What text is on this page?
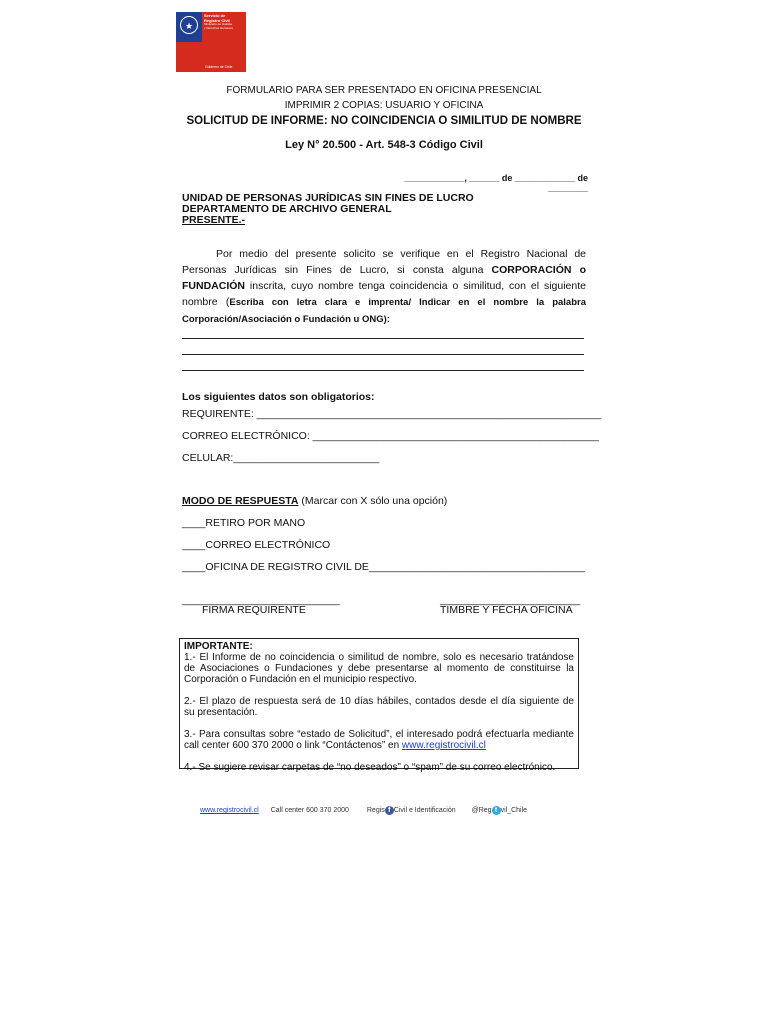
★
Servicio de
Registro Civil
Ministerio de Justicia
y Derechos Humanos
Gobierno de Chile
FORMULARIO PARA SER PRESENTADO EN OFICINA PRESENCIAL
IMPRIMIR 2 COPIAS: USUARIO Y OFICINA
SOLICITUD DE INFORME: NO COINCIDENCIA O SIMILITUD DE NOMBRE
Ley N° 20.500 - Art. 548-3 Código Civil
____________, ______ de ____________ de ________
UNIDAD DE PERSONAS JURÍDICAS SIN FINES DE LUCRO
DEPARTAMENTO DE ARCHIVO GENERAL
PRESENTE.-
Por medio del presente solicito se verifique en el Registro Nacional de Personas Jurídicas sin Fines de Lucro, si consta alguna CORPORACIÓN o FUNDACIÓN inscrita, cuyo nombre tenga coincidencia o similitud, con el siguiente nombre (Escriba con letra clara e imprenta/ Indicar en el nombre la palabra Corporación/Asociación o Fundación u ONG):
Los siguientes datos son obligatorios:
REQUIRENTE: ___________________________________________________________
CORREO ELECTRÓNICO: _________________________________________________
CELULAR:_________________________
MODO DE RESPUESTA (Marcar con X sólo una opción)
____RETIRO POR MANO
____CORREO ELECTRÓNICO
____OFICINA DE REGISTRO CIVIL DE_____________________________________
___________________________
FIRMA REQUIRENTE
________________________
TIMBRE Y FECHA OFICINA

IMPORTANTE:

1.- El Informe de no coincidencia o similitud de nombre, solo es necesario tratándose de Asociaciones o Fundaciones y debe presentarse al momento de constituirse la Corporación o Fundación en el municipio respectivo.

2.- El plazo de respuesta será de 10 días hábiles, contados desde el día siguiente de su presentación.

3.- Para consultas sobre “estado de Solicitud”, el interesado podrá efectuarla mediante call center 600 370 2000 o link “Contáctenos” en www.registrocivil.cl

4.- Se sugiere revisar carpetas de “no deseados” o “spam” de su correo electrónico.

www.registrocivil.cl Call center 600 370 2000	Regis fCivil e Identificación @Reg t vil_Chile
